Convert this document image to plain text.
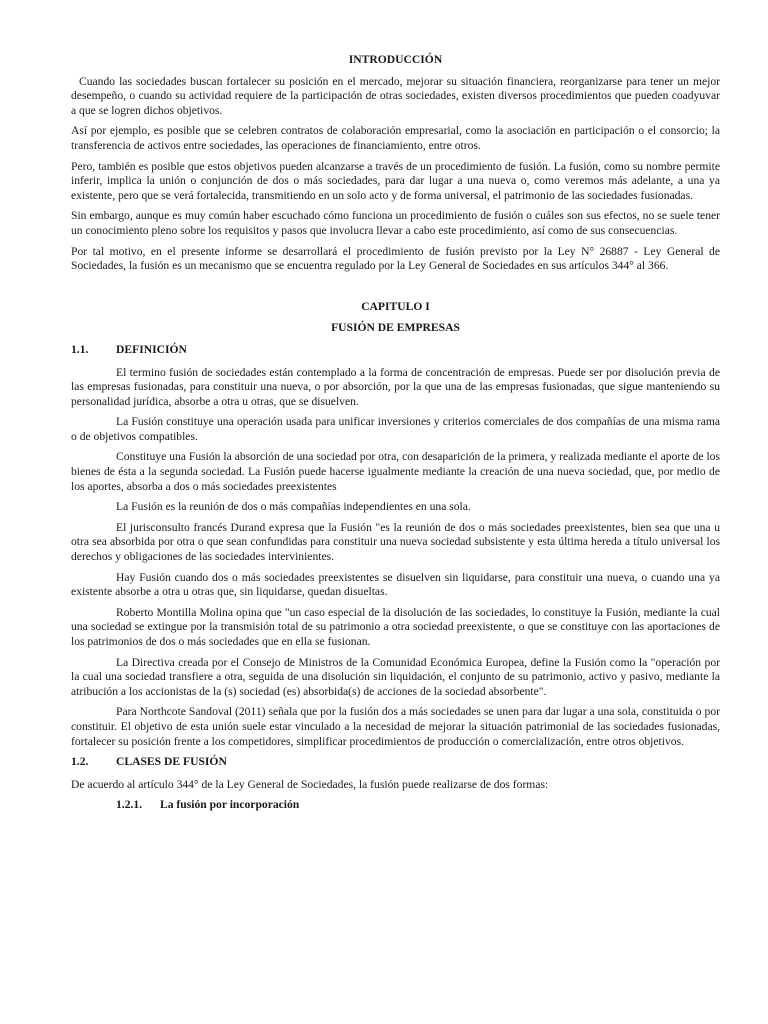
INTRODUCCIÓN

Cuando las sociedades buscan fortalecer su posición en el mercado, mejorar su situación financiera, reorganizarse para tener un mejor desempeño, o cuando su actividad requiere de la participación de otras sociedades, existen diversos procedimientos que pueden coadyuvar a que se logren dichos objetivos.

Así por ejemplo, es posible que se celebren contratos de colaboración empresarial, como la asociación en participación o el consorcio; la transferencia de activos entre sociedades, las operaciones de financiamiento, entre otros.

Pero, también es posible que estos objetivos pueden alcanzarse a través de un procedimiento de fusión. La fusión, como su nombre permite inferir, implica la unión o conjunción de dos o más sociedades, para dar lugar a una nueva o, como veremos más adelante, a una ya existente, pero que se verá fortalecida, transmitiendo en un solo acto y de forma universal, el patrimonio de las sociedades fusionadas.

Sin embargo, aunque es muy común haber escuchado cómo funciona un procedimiento de fusión o cuáles son sus efectos, no se suele tener un conocimiento pleno sobre los requisitos y pasos que involucra llevar a cabo este procedimiento, así como de sus consecuencias.

Por tal motivo, en el presente informe se desarrollará el procedimiento de fusión previsto por la Ley N° 26887 - Ley General de Sociedades, la fusión es un mecanismo que se encuentra regulado por la Ley General de Sociedades en sus artículos 344° al 366.

CAPITULO I
FUSIÓN DE EMPRESAS
1.1.	DEFINICIÓN

El termino fusión de sociedades están contemplado a la forma de concentración de empresas. Puede ser por disolución previa de las empresas fusionadas, para constituir una nueva, o por absorción, por la que una de las empresas fusionadas, que sigue manteniendo su personalidad jurídica, absorbe a otra u otras, que se disuelven.

La Fusión constituye una operación usada para unificar inversiones y criterios comerciales de dos compañías de una misma rama o de objetivos compatibles.

Constituye una Fusión la absorción de una sociedad por otra, con desaparición de la primera, y realizada mediante el aporte de los bienes de ésta a la segunda sociedad. La Fusión puede hacerse igualmente mediante la creación de una nueva sociedad, que, por medio de los aportes, absorba a dos o más sociedades preexistentes

La Fusión es la reunión de dos o más compañías independientes en una sola.

El jurisconsulto francés Durand expresa que la Fusión "es la reunión de dos o más sociedades preexistentes, bien sea que una u otra sea absorbida por otra o que sean confundidas para constituir una nueva sociedad subsistente y esta última hereda a título universal los derechos y obligaciones de las sociedades intervinientes.

Hay Fusión cuando dos o más sociedades preexistentes se disuelven sin liquidarse, para constituir una nueva, o cuando una ya existente absorbe a otra u otras que, sin liquidarse, quedan disueltas.

Roberto Montilla Molina opina que "un caso especial de la disolución de las sociedades, lo constituye la Fusión, mediante la cual una sociedad se extingue por la transmisión total de su patrimonio a otra sociedad preexistente, o que se constituye con las aportaciones de los patrimonios de dos o más sociedades que en ella se fusionan.

La Directiva creada por el Consejo de Ministros de la Comunidad Económica Europea, define la Fusión como la "operación por la cual una sociedad transfiere a otra, seguida de una disolución sin liquidación, el conjunto de su patrimonio, activo y pasivo, mediante la atribución a los accionistas de la (s) sociedad (es) absorbida(s) de acciones de la sociedad absorbente".

Para Northcote Sandoval (2011) señala que por la fusión dos a más sociedades se unen para dar lugar a una sola, constituida o por constituir. El objetivo de esta unión suele estar vinculado a la necesidad de mejorar la situación patrimonial de las sociedades fusionadas, fortalecer su posición frente a los competidores, simplificar procedimientos de producción o comercialización, entre otros objetivos.

1.2.	CLASES DE FUSIÓN

De acuerdo al artículo 344° de la Ley General de Sociedades, la fusión puede realizarse de dos formas:

1.2.1.	La fusión por incorporación
